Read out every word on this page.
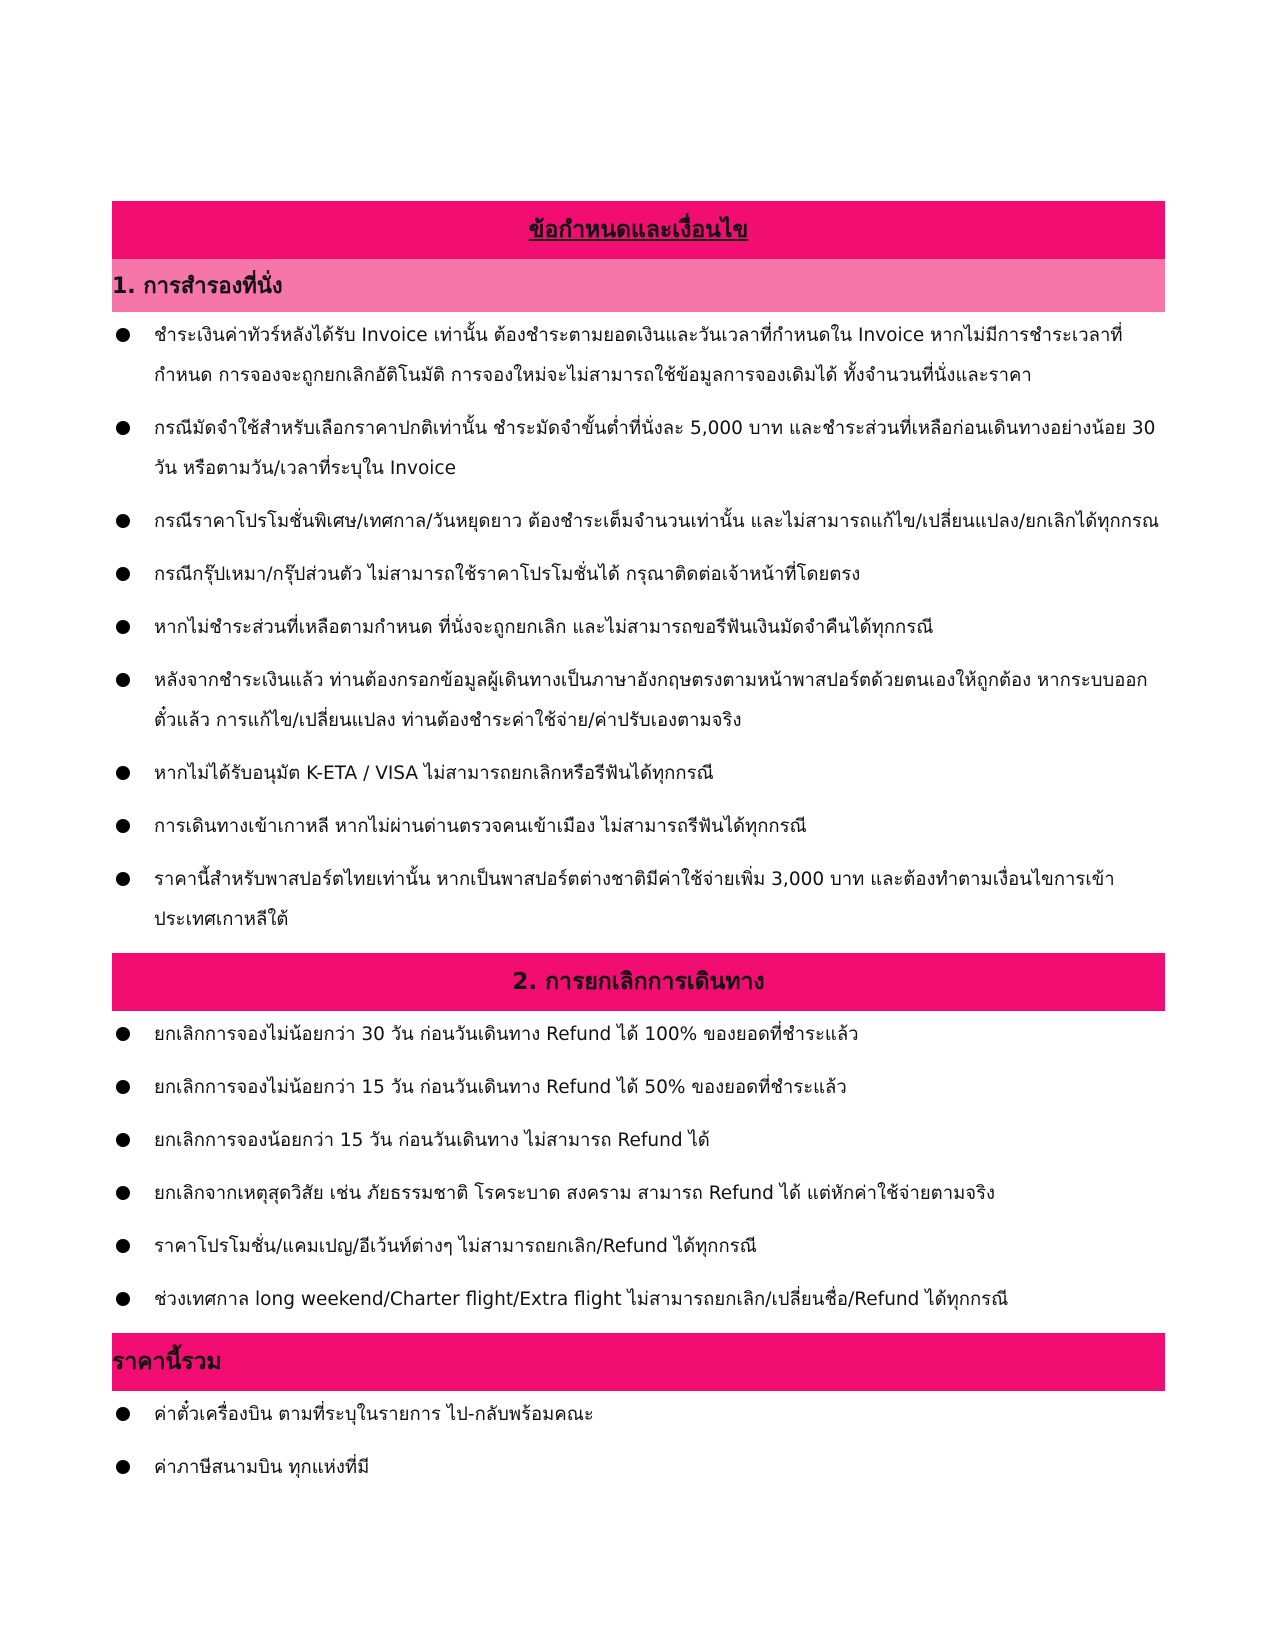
ข้อกำหนดและเงื่อนไข
1. การสำรองที่นั่ง
ชำระเงินค่าทัวร์หลังได้รับ Invoice เท่านั้น ต้องชำระตามยอดเงินและวันเวลาที่กำหนดใน Invoice หากไม่มีการชำระเวลาที่กำหนด การจองจะถูกยกเลิกอัติโนมัติ การจองใหม่จะไม่สามารถใช้ข้อมูลการจองเดิมได้ ทั้งจำนวนที่นั่งและราคา
กรณีมัดจำใช้สำหรับเลือกราคาปกติเท่านั้น ชำระมัดจำขั้นต่ำที่นั่งละ 5,000 บาท และชำระส่วนที่เหลือก่อนเดินทางอย่างน้อย 30 วัน หรือตามวัน/เวลาที่ระบุใน Invoice
กรณีราคาโปรโมชั่นพิเศษ/เทศกาล/วันหยุดยาว ต้องชำระเต็มจำนวนเท่านั้น และไม่สามารถแก้ไข/เปลี่ยนแปลง/ยกเลิกได้ทุกกรณ
กรณีกรุ๊ปเหมา/กรุ๊ปส่วนตัว ไม่สามารถใช้ราคาโปรโมชั่นได้ กรุณาติดต่อเจ้าหน้าที่โดยตรง
หากไม่ชำระส่วนที่เหลือตามกำหนด ที่นั่งจะถูกยกเลิก และไม่สามารถขอรีฟันเงินมัดจำคืนได้ทุกกรณี
หลังจากชำระเงินแล้ว ท่านต้องกรอกข้อมูลผู้เดินทางเป็นภาษาอังกฤษตรงตามหน้าพาสปอร์ตด้วยตนเองให้ถูกต้อง หากระบบออกตั๋วแล้ว การแก้ไข/เปลี่ยนแปลง ท่านต้องชำระค่าใช้จ่าย/ค่าปรับเองตามจริง
หากไม่ได้รับอนุมัต K-ETA / VISA ไม่สามารถยกเลิกหรือรีฟันได้ทุกกรณี
การเดินทางเข้าเกาหลี หากไม่ผ่านด่านตรวจคนเข้าเมือง ไม่สามารถรีฟันได้ทุกกรณี
ราคานี้สำหรับพาสปอร์ตไทยเท่านั้น หากเป็นพาสปอร์ตต่างชาติมีค่าใช้จ่ายเพิ่ม 3,000 บาท และต้องทำตามเงื่อนไขการเข้าประเทศเกาหลีใต้
2. การยกเลิกการเดินทาง
ยกเลิกการจองไม่น้อยกว่า 30 วัน ก่อนวันเดินทาง Refund ได้ 100% ของยอดที่ชำระแล้ว
ยกเลิกการจองไม่น้อยกว่า 15 วัน ก่อนวันเดินทาง Refund ได้ 50% ของยอดที่ชำระแล้ว
ยกเลิกการจองน้อยกว่า 15 วัน ก่อนวันเดินทาง ไม่สามารถ Refund ได้
ยกเลิกจากเหตุสุดวิสัย เช่น ภัยธรรมชาติ โรคระบาด สงคราม สามารถ Refund ได้ แต่หักค่าใช้จ่ายตามจริง
ราคาโปรโมชั่น/แคมเปญ/อีเว้นท์ต่างๆ ไม่สามารถยกเลิก/Refund ได้ทุกกรณี
ช่วงเทศกาล long weekend/Charter flight/Extra flight ไม่สามารถยกเลิก/เปลี่ยนชื่อ/Refund ได้ทุกกรณี
ราคานี้รวม
ค่าตั๋วเครื่องบิน ตามที่ระบุในรายการ ไป-กลับพร้อมคณะ
ค่าภาษีสนามบิน ทุกแห่งที่มี
